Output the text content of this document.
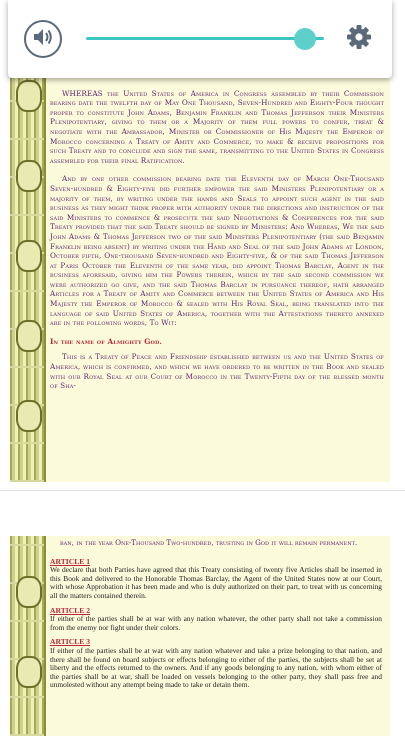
WHEREAS the United States of America in Congress assembled by their Commission bearing date the twelfth day of May One Thousand, Seven-Hundred and Eighty-Four thought proper to constitute John Adams, Benjamin Franklin and Thomas Jefferson their Ministers Plenipotentiary, giving to them or a Majority of them full powers to confer, treat & negotiate with the Ambassador, Minister or Commissioner of His Majesty the Emperor of Morocco concerning a Treaty of Amity and Commerce, to make & receive propositions for such Treaty and to conclude and sign the same, transmitting to the United States in Congress assembled for their final Ratification.

And by one other commission bearing date the Eleventh day of March One-Thousand Seven-hundred & Eighty-five did further empower the said Ministers Plenipotentiary or a majority of them, by writing under the hands and Seals to appoint such agent in the said business as they might think proper with authority under the directions and instruction of the said Ministers to commence & prosecute the said Negotiations & Conferences for the said Treaty provided that the said Treaty should be signed by Ministers: And Whereas, We the said John Adams & Thomas Jefferson two of the said Ministers Plenipotentiary (the said Benjamin Franklin being absent) by writing under the Hand and Seal of the said John Adams at London, October fifth, One-thousand Seven-hundred and Eighty-five, & of the said Thomas Jefferson at Paris October the Eleventh of the same year, did appoint Thomas Barclay, Agent in the business aforesaid, giving him the Powers therein, which by the said second commission we were authorized go give, and the said Thomas Barclay in pursuance thereof, hath arranged Articles for a Treaty of Amity and Commerce between the United States of America and His Majesty the Emperor of Morocco & sealed with His Royal Seal, being translated into the language of said United States of America, together with the Attestations thereto annexed are in the following words, To Wit:

In the name of Almighty God.

This is a Treaty of Peace and Friendship established between us and the United States of America, which is confirmed, and which we have ordered to be written in the Book and sealed with our Royal Seal at our Court of Morocco in the Twenty-Fifth day of the blessed month of Sha-

ban, in the year One-Thousand Two-hundred, trusting in God it will remain permanent.

ARTICLE 1

We declare that both Parties have agreed that this Treaty consisting of twenty five Articles shall be inserted in this Book and delivered to the Honorable Thomas Barclay, the Agent of the United States now at our Court, with whose Approbation it has been made and who is duly authorized on their part, to treat with us concerning all the matters contained therein.

ARTICLE 2

If either of the parties shall be at war with any nation whatever, the other party shall not take a commission from the enemy nor fight under their colors.

ARTICLE 3

If either of the parties shall be at war with any nation whatever and take a prize belonging to that nation, and there shall be found on board subjects or effects belonging to either of the parties, the subjects shall be set at liberty and the effects returned to the owners. And if any goods belonging to any nation, with whom either of the parties shall be at war, shall be loaded on vessels belonging to the other party, they shall pass free and unmolested without any attempt being made to take or detain them.
